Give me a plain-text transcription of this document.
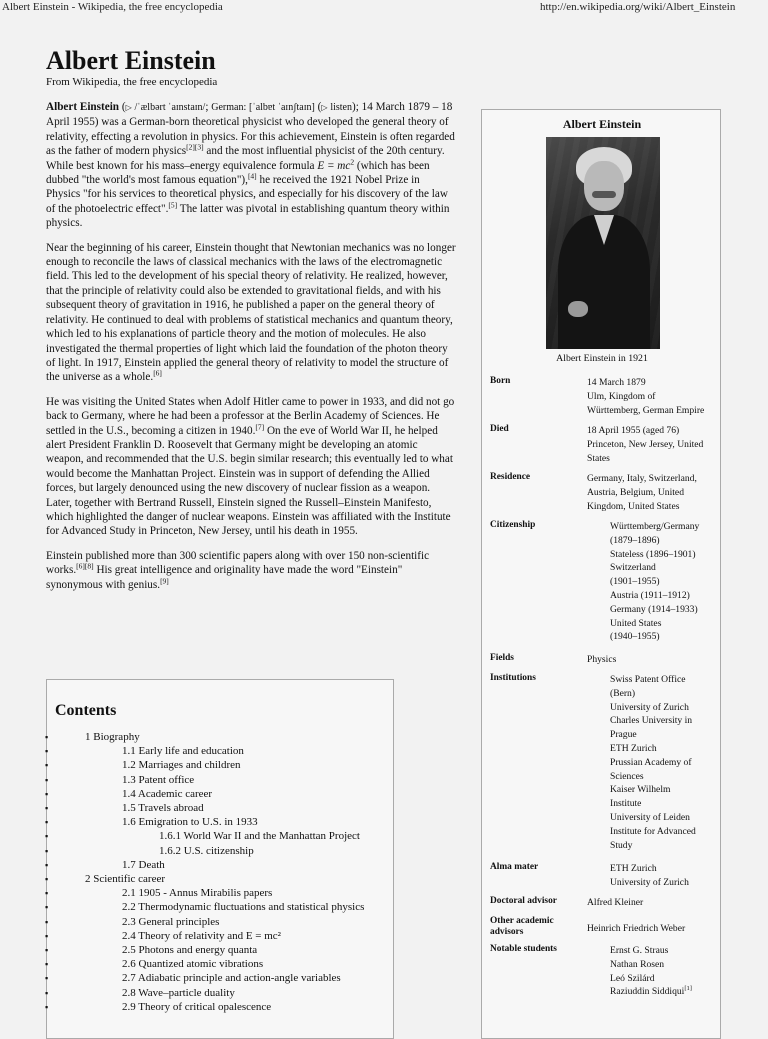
Albert Einstein - Wikipedia, the free encyclopedia	http://en.wikipedia.org/wiki/Albert_Einstein
Albert Einstein
From Wikipedia, the free encyclopedia

Albert Einstein (▷ /ˈælbərt ˈaɪnstaɪn/; German: [ˈalbɐt ˈaɪnʃtaɪn] (▷ listen); 14 March 1879 – 18 April 1955) was a German-born theoretical physicist who developed the general theory of relativity, effecting a revolution in physics. For this achievement, Einstein is often regarded as the father of modern physics[2][3] and the most influential physicist of the 20th century. While best known for his mass–energy equivalence formula $E = mc^2$ (which has been dubbed "the world's most famous equation"),[4] he received the 1921 Nobel Prize in Physics "for his services to theoretical physics, and especially for his discovery of the law of the photoelectric effect".[5] The latter was pivotal in establishing quantum theory within physics.

Near the beginning of his career, Einstein thought that Newtonian mechanics was no longer enough to reconcile the laws of classical mechanics with the laws of the electromagnetic field. This led to the development of his special theory of relativity. He realized, however, that the principle of relativity could also be extended to gravitational fields, and with his subsequent theory of gravitation in 1916, he published a paper on the general theory of relativity. He continued to deal with problems of statistical mechanics and quantum theory, which led to his explanations of particle theory and the motion of molecules. He also investigated the thermal properties of light which laid the foundation of the photon theory of light. In 1917, Einstein applied the general theory of relativity to model the structure of the universe as a whole.[6]

He was visiting the United States when Adolf Hitler came to power in 1933, and did not go back to Germany, where he had been a professor at the Berlin Academy of Sciences. He settled in the U.S., becoming a citizen in 1940.[7] On the eve of World War II, he helped alert President Franklin D. Roosevelt that Germany might be developing an atomic weapon, and recommended that the U.S. begin similar research; this eventually led to what would become the Manhattan Project. Einstein was in support of defending the Allied forces, but largely denounced using the new discovery of nuclear fission as a weapon. Later, together with Bertrand Russell, Einstein signed the Russell–Einstein Manifesto, which highlighted the danger of nuclear weapons. Einstein was affiliated with the Institute for Advanced Study in Princeton, New Jersey, until his death in 1955.

Einstein published more than 300 scientific papers along with over 150 non-scientific works.[6][8] His great intelligence and originality have made the word "Einstein" synonymous with genius.[9]

Contents
▪ 1 Biography
▪ 1.1 Early life and education
▪ 1.2 Marriages and children
▪ 1.3 Patent office
▪ 1.4 Academic career
▪ 1.5 Travels abroad
▪ 1.6 Emigration to U.S. in 1933
▪ 1.6.1 World War II and the Manhattan Project
▪ 1.6.2 U.S. citizenship
▪ 1.7 Death
▪ 2 Scientific career
▪ 2.1 1905 - Annus Mirabilis papers
▪ 2.2 Thermodynamic fluctuations and statistical physics
▪ 2.3 General principles
▪ 2.4 Theory of relativity and E = mc²
▪ 2.5 Photons and energy quanta
▪ 2.6 Quantized atomic vibrations
▪ 2.7 Adiabatic principle and action-angle variables
▪ 2.8 Wave–particle duality
▪ 2.9 Theory of critical opalescence
Albert Einstein
Albert Einstein in 1921
Born	14 March 1879
Ulm, Kingdom of
Württemberg, German Empire
Died	18 April 1955 (aged 76)
Princeton, New Jersey, United
States
Residence	Germany, Italy, Switzerland,
Austria, Belgium, United
Kingdom, United States
Citizenship	Württemberg/Germany
(1879–1896)
Stateless (1896–1901)
Switzerland
(1901–1955)
Austria (1911–1912)
Germany (1914–1933)
United States
(1940–1955)
Fields	Physics
Institutions	Swiss Patent Office
(Bern)
University of Zurich
Charles University in
Prague
ETH Zurich
Prussian Academy of
Sciences
Kaiser Wilhelm
Institute
University of Leiden
Institute for Advanced
Study
Alma mater	ETH Zurich
University of Zurich
Doctoral advisor	Alfred Kleiner
Other academic advisors	Heinrich Friedrich Weber
Notable students	Ernst G. Straus
Nathan Rosen
Leó Szilárd
Raziuddin Siddiqui[1]
